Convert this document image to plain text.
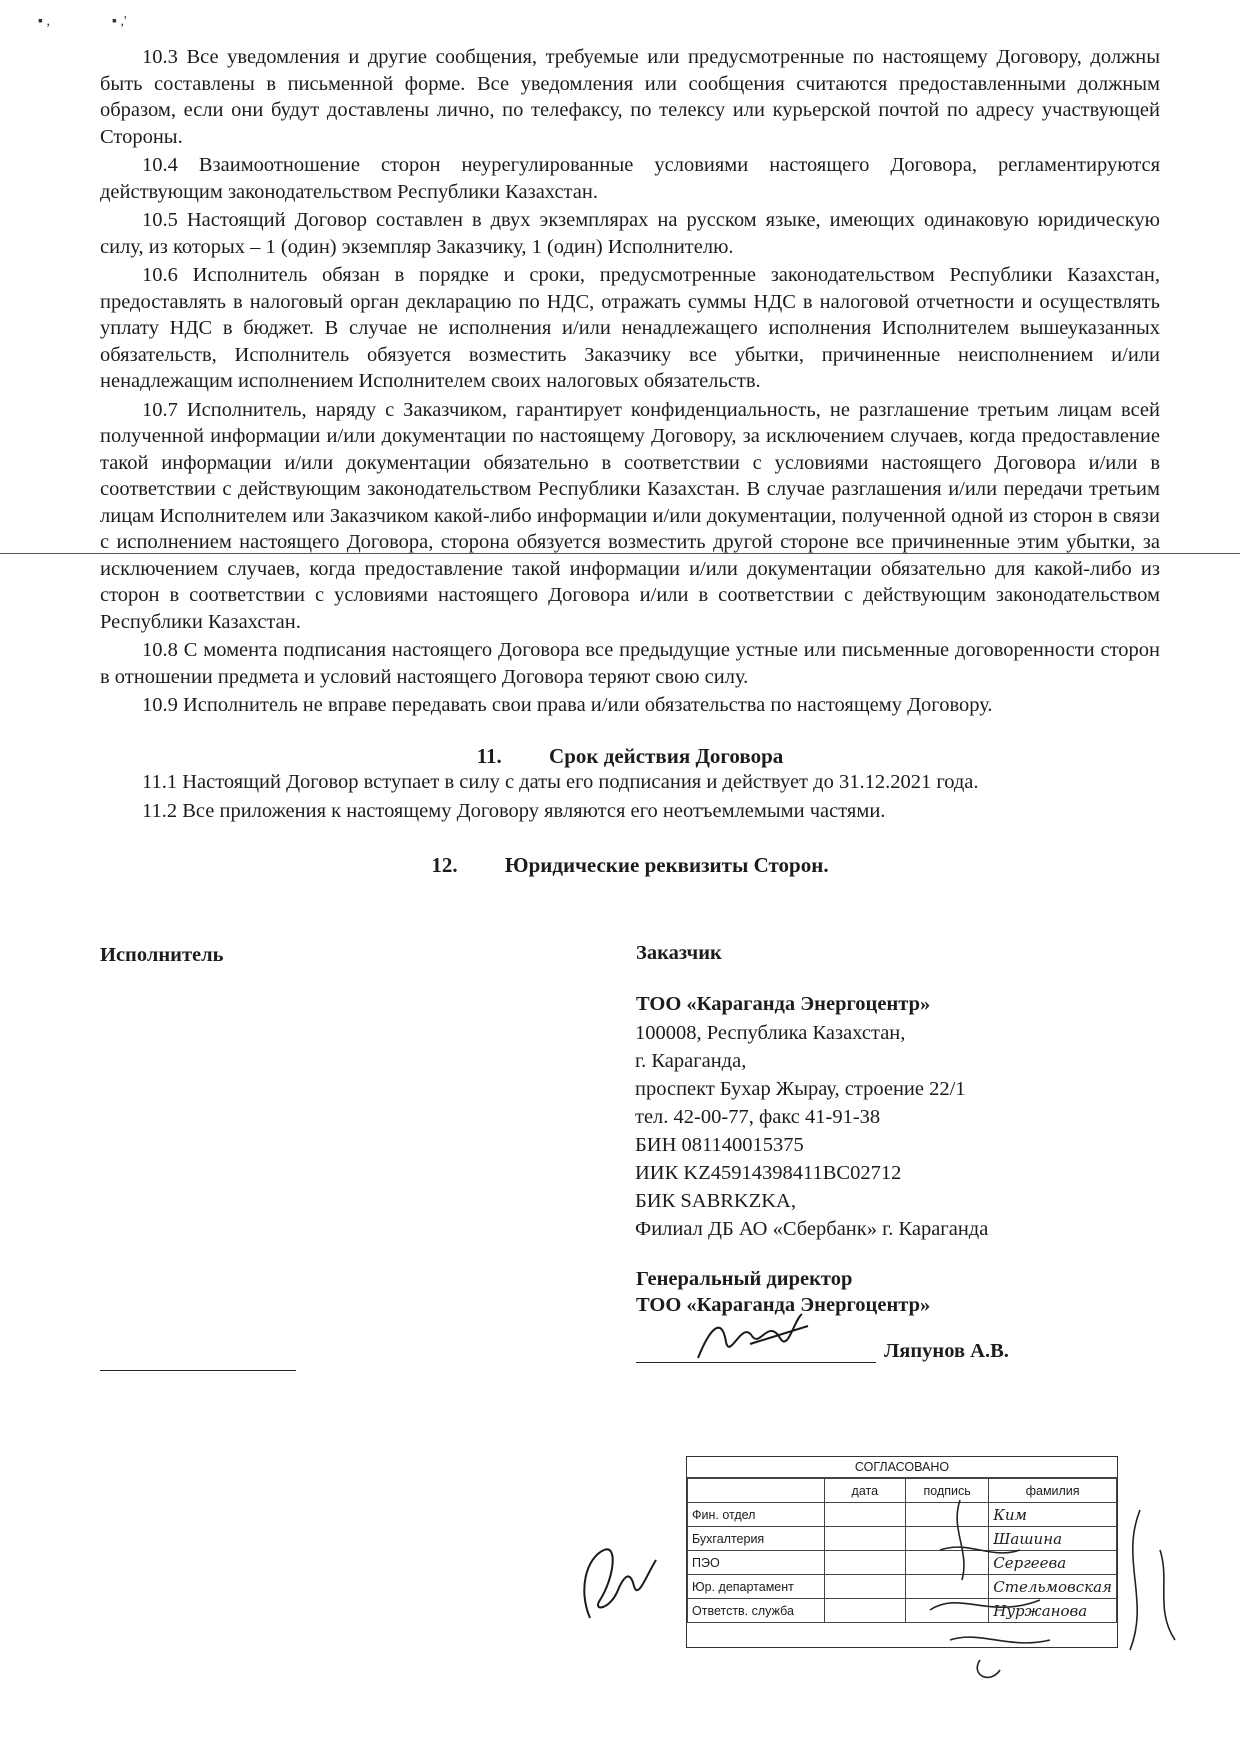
▪ ,	▪ ,'

10.3 Все уведомления и другие сообщения, требуемые или предусмотренные по настоящему Договору, должны быть составлены в письменной форме. Все уведомления или сообщения считаются предоставленными должным образом, если они будут доставлены лично, по телефаксу, по телексу или курьерской почтой по адресу участвующей Стороны.

10.4 Взаимоотношение сторон неурегулированные условиями настоящего Договора, регламентируются действующим законодательством Республики Казахстан.

10.5 Настоящий Договор составлен в двух экземплярах на русском языке, имеющих одинаковую юридическую силу, из которых – 1 (один) экземпляр Заказчику, 1 (один) Исполнителю.

10.6 Исполнитель обязан в порядке и сроки, предусмотренные законодательством Республики Казахстан, предоставлять в налоговый орган декларацию по НДС, отражать суммы НДС в налоговой отчетности и осуществлять уплату НДС в бюджет. В случае не исполнения и/или ненадлежащего исполнения Исполнителем вышеуказанных обязательств, Исполнитель обязуется возместить Заказчику все убытки, причиненные неисполнением и/или ненадлежащим исполнением Исполнителем своих налоговых обязательств.

10.7 Исполнитель, наряду с Заказчиком, гарантирует конфиденциальность, не разглашение третьим лицам всей полученной информации и/или документации по настоящему Договору, за исключением случаев, когда предоставление такой информации и/или документации обязательно в соответствии с условиями настоящего Договора и/или в соответствии с действующим законодательством Республики Казахстан. В случае разглашения и/или передачи третьим лицам Исполнителем или Заказчиком какой-либо информации и/или документации, полученной одной из сторон в связи с исполнением настоящего Договора, сторона обязуется возместить другой стороне все причиненные этим убытки, за исключением случаев, когда предоставление такой информации и/или документации обязательно для какой-либо из сторон в соответствии с условиями настоящего Договора и/или в соответствии с действующим законодательством Республики Казахстан.

10.8 С момента подписания настоящего Договора все предыдущие устные или письменные договоренности сторон в отношении предмета и условий настоящего Договора теряют свою силу.

10.9 Исполнитель не вправе передавать свои права и/или обязательства по настоящему Договору.

11. Срок действия Договора

11.1 Настоящий Договор вступает в силу с даты его подписания и действует до 31.12.2021 года.

11.2 Все приложения к настоящему Договору являются его неотъемлемыми частями.

12. Юридические реквизиты Сторон.
Исполнитель	Заказчик
ТОО «Караганда Энергоцентр»
100008, Республика Казахстан,
г. Караганда,
проспект Бухар Жырау, строение 22/1
тел. 42-00-77, факс 41-91-38
БИН 081140015375
ИИК KZ45914398411BC02712
БИК SABRKZKA,
Филиал ДБ АО «Сбербанк» г. Караганда
Генеральный директор
ТОО «Караганда Энергоцентр»
Ляпунов А.В.
СОГЛАСОВАНО
	дата	подпись	фамилия
Фин. отдел			Ким
Бухгалтерия			Шашина
ПЭО			Сергеева
Юр. департамент			Стельмовская
Ответств. служба			Нуржанова
